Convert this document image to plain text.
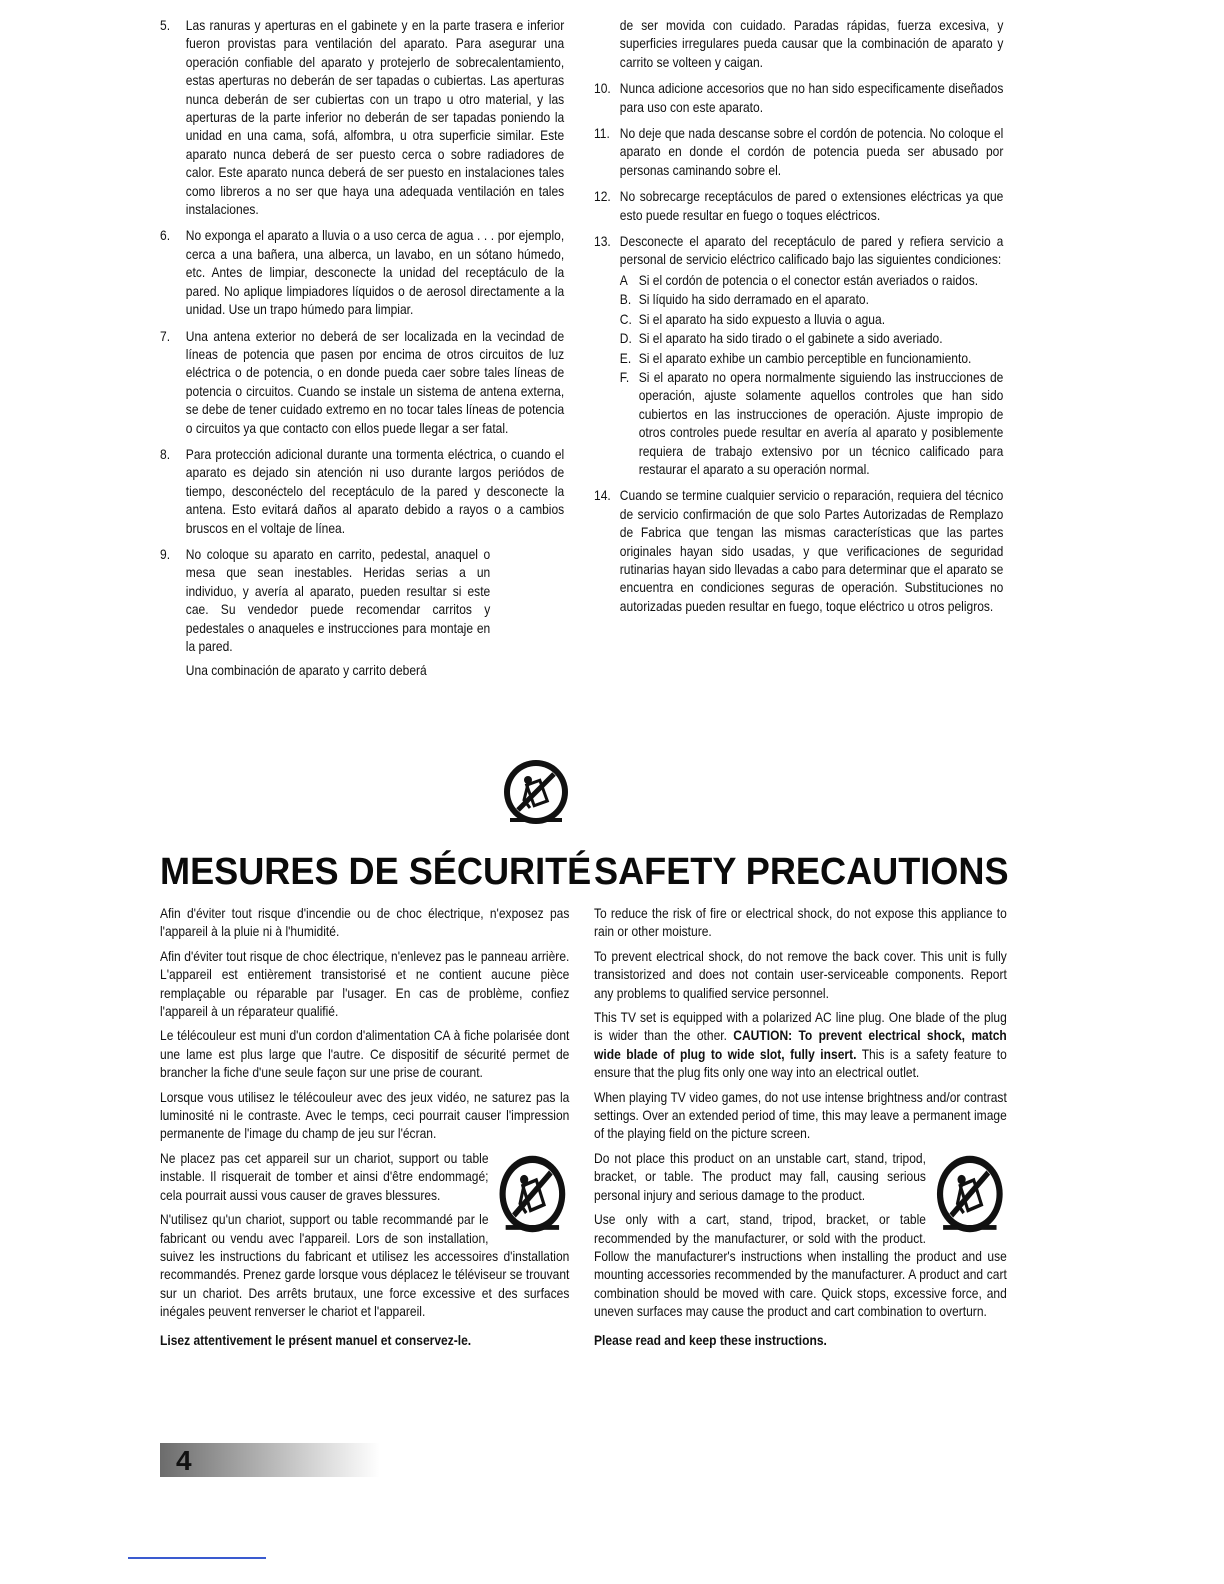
5. Las ranuras y aperturas en el gabinete y en la parte trasera e inferior fueron provistas para ventilación del aparato. Para asegurar una operación confiable del aparato y protejerlo de sobrecalentamiento, estas aperturas no deberán de ser tapadas o cubiertas. Las aperturas nunca deberán de ser cubiertas con un trapo u otro material, y las aperturas de la parte inferior no deberán de ser tapadas poniendo la unidad en una cama, sofá, alfombra, u otra superficie similar. Este aparato nunca deberá de ser puesto cerca o sobre radiadores de calor. Este aparato nunca deberá de ser puesto en instalaciones tales como libreros a no ser que haya una adequada ventilación en tales instalaciones.
6. No exponga el aparato a lluvia o a uso cerca de agua . . . por ejemplo, cerca a una bañera, una alberca, un lavabo, en un sótano húmedo, etc. Antes de limpiar, desconecte la unidad del receptáculo de la pared. No aplique limpiadores líquidos o de aerosol directamente a la unidad. Use un trapo húmedo para limpiar.
7. Una antena exterior no deberá de ser localizada en la vecindad de líneas de potencia que pasen por encima de otros circuitos de luz eléctrica o de potencia, o en donde pueda caer sobre tales líneas de potencia o circuitos. Cuando se instale un sistema de antena externa, se debe de tener cuidado extremo en no tocar tales líneas de potencia o circuitos ya que contacto con ellos puede llegar a ser fatal.
8. Para protección adicional durante una tormenta eléctrica, o cuando el aparato es dejado sin atención ni uso durante largos periódos de tiempo, desconéctelo del receptáculo de la pared y desconecte la antena. Esto evitará daños al aparato debido a rayos o a cambios bruscos en el voltaje de línea.
9. No coloque su aparato en carrito, pedestal, anaquel o mesa que sean inestables. Heridas serias a un individuo, y avería al aparato, pueden resultar si este cae. Su vendedor puede recomendar carritos y pedestales o anaqueles e instrucciones para montaje en la pared.
Una combinación de aparato y carrito deberá
de ser movida con cuidado. Paradas rápidas, fuerza excesiva, y superficies irregulares pueda causar que la combinación de aparato y carrito se volteen y caigan.
10. Nunca adicione accesorios que no han sido especificamente diseñados para uso con este aparato.
11. No deje que nada descanse sobre el cordón de potencia. No coloque el aparato en donde el cordón de potencia pueda ser abusado por personas caminando sobre el.
12. No sobrecarge receptáculos de pared o extensiones eléctricas ya que esto puede resultar en fuego o toques eléctricos.
13. Desconecte el aparato del receptáculo de pared y refiera servicio a personal de servicio eléctrico calificado bajo las siguientes condiciones:
A Si el cordón de potencia o el conector están averiados o raidos.
B. Si líquido ha sido derramado en el aparato.
C. Si el aparato ha sido expuesto a lluvia o agua.
D. Si el aparato ha sido tirado o el gabinete a sido averiado.
E. Si el aparato exhibe un cambio perceptible en funcionamiento.
F. Si el aparato no opera normalmente siguiendo las instrucciones de operación, ajuste solamente aquellos controles que han sido cubiertos en las instrucciones de operación. Ajuste impropio de otros controles puede resultar en avería al aparato y posiblemente requiera de trabajo extensivo por un técnico calificado para restaurar el aparato a su operación normal.
14. Cuando se termine cualquier servicio o reparación, requiera del técnico de servicio confirmación de que solo Partes Autorizadas de Remplazo de Fabrica que tengan las mismas características que las partes originales hayan sido usadas, y que verificaciones de seguridad rutinarias hayan sido llevadas a cabo para determinar que el aparato se encuentra en condiciones seguras de operación. Substituciones no autorizadas pueden resultar en fuego, toque eléctrico u otros peligros.
MESURES DE SÉCURITÉ SAFETY PRECAUTIONS

Afin d'éviter tout risque d'incendie ou de choc électrique, n'exposez pas l'appareil à la pluie ni à l'humidité.

Afin d'éviter tout risque de choc électrique, n'enlevez pas le panneau arrière. L'appareil est entièrement transistorisé et ne contient aucune pièce remplaçable ou réparable par l'usager. En cas de problème, confiez l'appareil à un réparateur qualifié.

Le télécouleur est muni d'un cordon d'alimentation CA à fiche polarisée dont une lame est plus large que l'autre. Ce dispositif de sécurité permet de brancher la fiche d'une seule façon sur une prise de courant.

Lorsque vous utilisez le télécouleur avec des jeux vidéo, ne saturez pas la luminosité ni le contraste. Avec le temps, ceci pourrait causer l'impression permanente de l'image du champ de jeu sur l'écran.

Ne placez pas cet appareil sur un chariot, support ou table instable. Il risquerait de tomber et ainsi d'être endommagé; cela pourrait aussi vous causer de graves blessures.

N'utilisez qu'un chariot, support ou table recommandé par le fabricant ou vendu avec l'appareil. Lors de son installation, suivez les instructions du fabricant et utilisez les accessoires d'installation recommandés. Prenez garde lorsque vous déplacez le téléviseur se trouvant sur un chariot. Des arrêts brutaux, une force excessive et des surfaces inégales peuvent renverser le chariot et l'appareil.

Lisez attentivement le présent manuel et conservez-le.

To reduce the risk of fire or electrical shock, do not expose this appliance to rain or other moisture.

To prevent electrical shock, do not remove the back cover. This unit is fully transistorized and does not contain user-serviceable components. Report any problems to qualified service personnel.

This TV set is equipped with a polarized AC line plug. One blade of the plug is wider than the other. CAUTION: To prevent electrical shock, match wide blade of plug to wide slot, fully insert. This is a safety feature to ensure that the plug fits only one way into an electrical outlet.

When playing TV video games, do not use intense brightness and/or contrast settings. Over an extended period of time, this may leave a permanent image of the playing field on the picture screen.

Do not place this product on an unstable cart, stand, tripod, bracket, or table. The product may fall, causing serious personal injury and serious damage to the product.

Use only with a cart, stand, tripod, bracket, or table recommended by the manufacturer, or sold with the product. Follow the manufacturer's instructions when installing the product and use mounting accessories recommended by the manufacturer. A product and cart combination should be moved with care. Quick stops, excessive force, and uneven surfaces may cause the product and cart combination to overturn.

Please read and keep these instructions.

4
